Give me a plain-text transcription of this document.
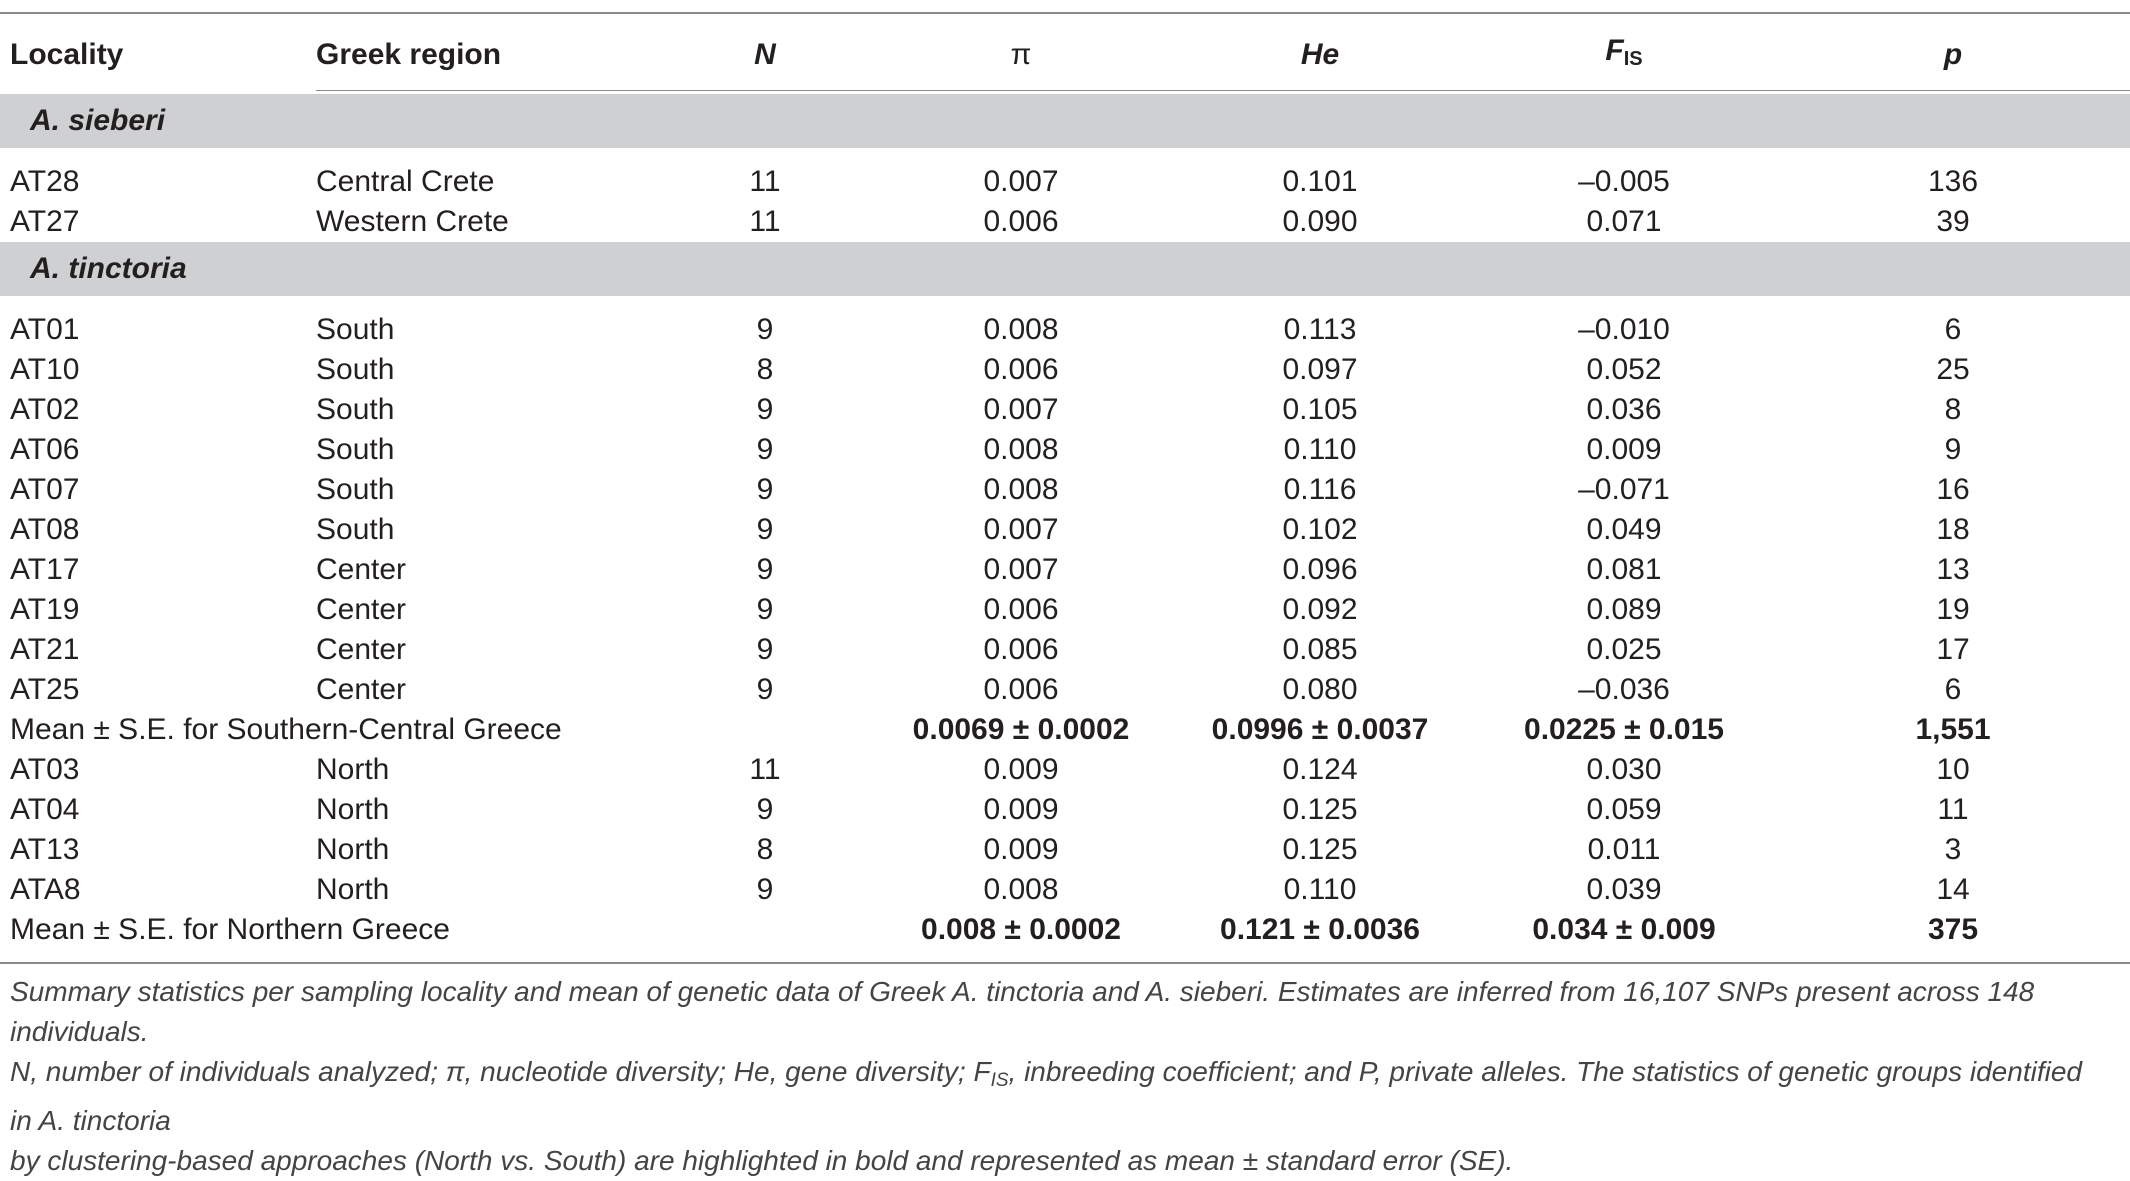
Locality	Greek region	N	π	He	$F_{IS}$	p
A. sieberi						
AT28	Central Crete	11	0.007	0.101	–0.005	136
AT27	Western Crete	11	0.006	0.090	0.071	39
A. tinctoria						
AT01	South	9	0.008	0.113	–0.010	6
AT10	South	8	0.006	0.097	0.052	25
AT02	South	9	0.007	0.105	0.036	8
AT06	South	9	0.008	0.110	0.009	9
AT07	South	9	0.008	0.116	–0.071	16
AT08	South	9	0.007	0.102	0.049	18
AT17	Center	9	0.007	0.096	0.081	13
AT19	Center	9	0.006	0.092	0.089	19
AT21	Center	9	0.006	0.085	0.025	17
AT25	Center	9	0.006	0.080	–0.036	6
Mean ± S.E. for Southern-Central Greece			0.0069 ± 0.0002	0.0996 ± 0.0037	0.0225 ± 0.015	1,551
AT03	North	11	0.009	0.124	0.030	10
AT04	North	9	0.009	0.125	0.059	11
AT13	North	8	0.009	0.125	0.011	3
ATA8	North	9	0.008	0.110	0.039	14
Mean ± S.E. for Northern Greece			0.008 ± 0.0002	0.121 ± 0.0036	0.034 ± 0.009	375

Summary statistics per sampling locality and mean of genetic data of Greek A. tinctoria and A. sieberi. Estimates are inferred from 16,107 SNPs present across 148 individuals.

N, number of individuals analyzed; π, nucleotide diversity; He, gene diversity; $F_{IS}$, inbreeding coefficient; and P, private alleles. The statistics of genetic groups identified in A. tinctoria

by clustering-based approaches (North vs. South) are highlighted in bold and represented as mean ± standard error (SE).
